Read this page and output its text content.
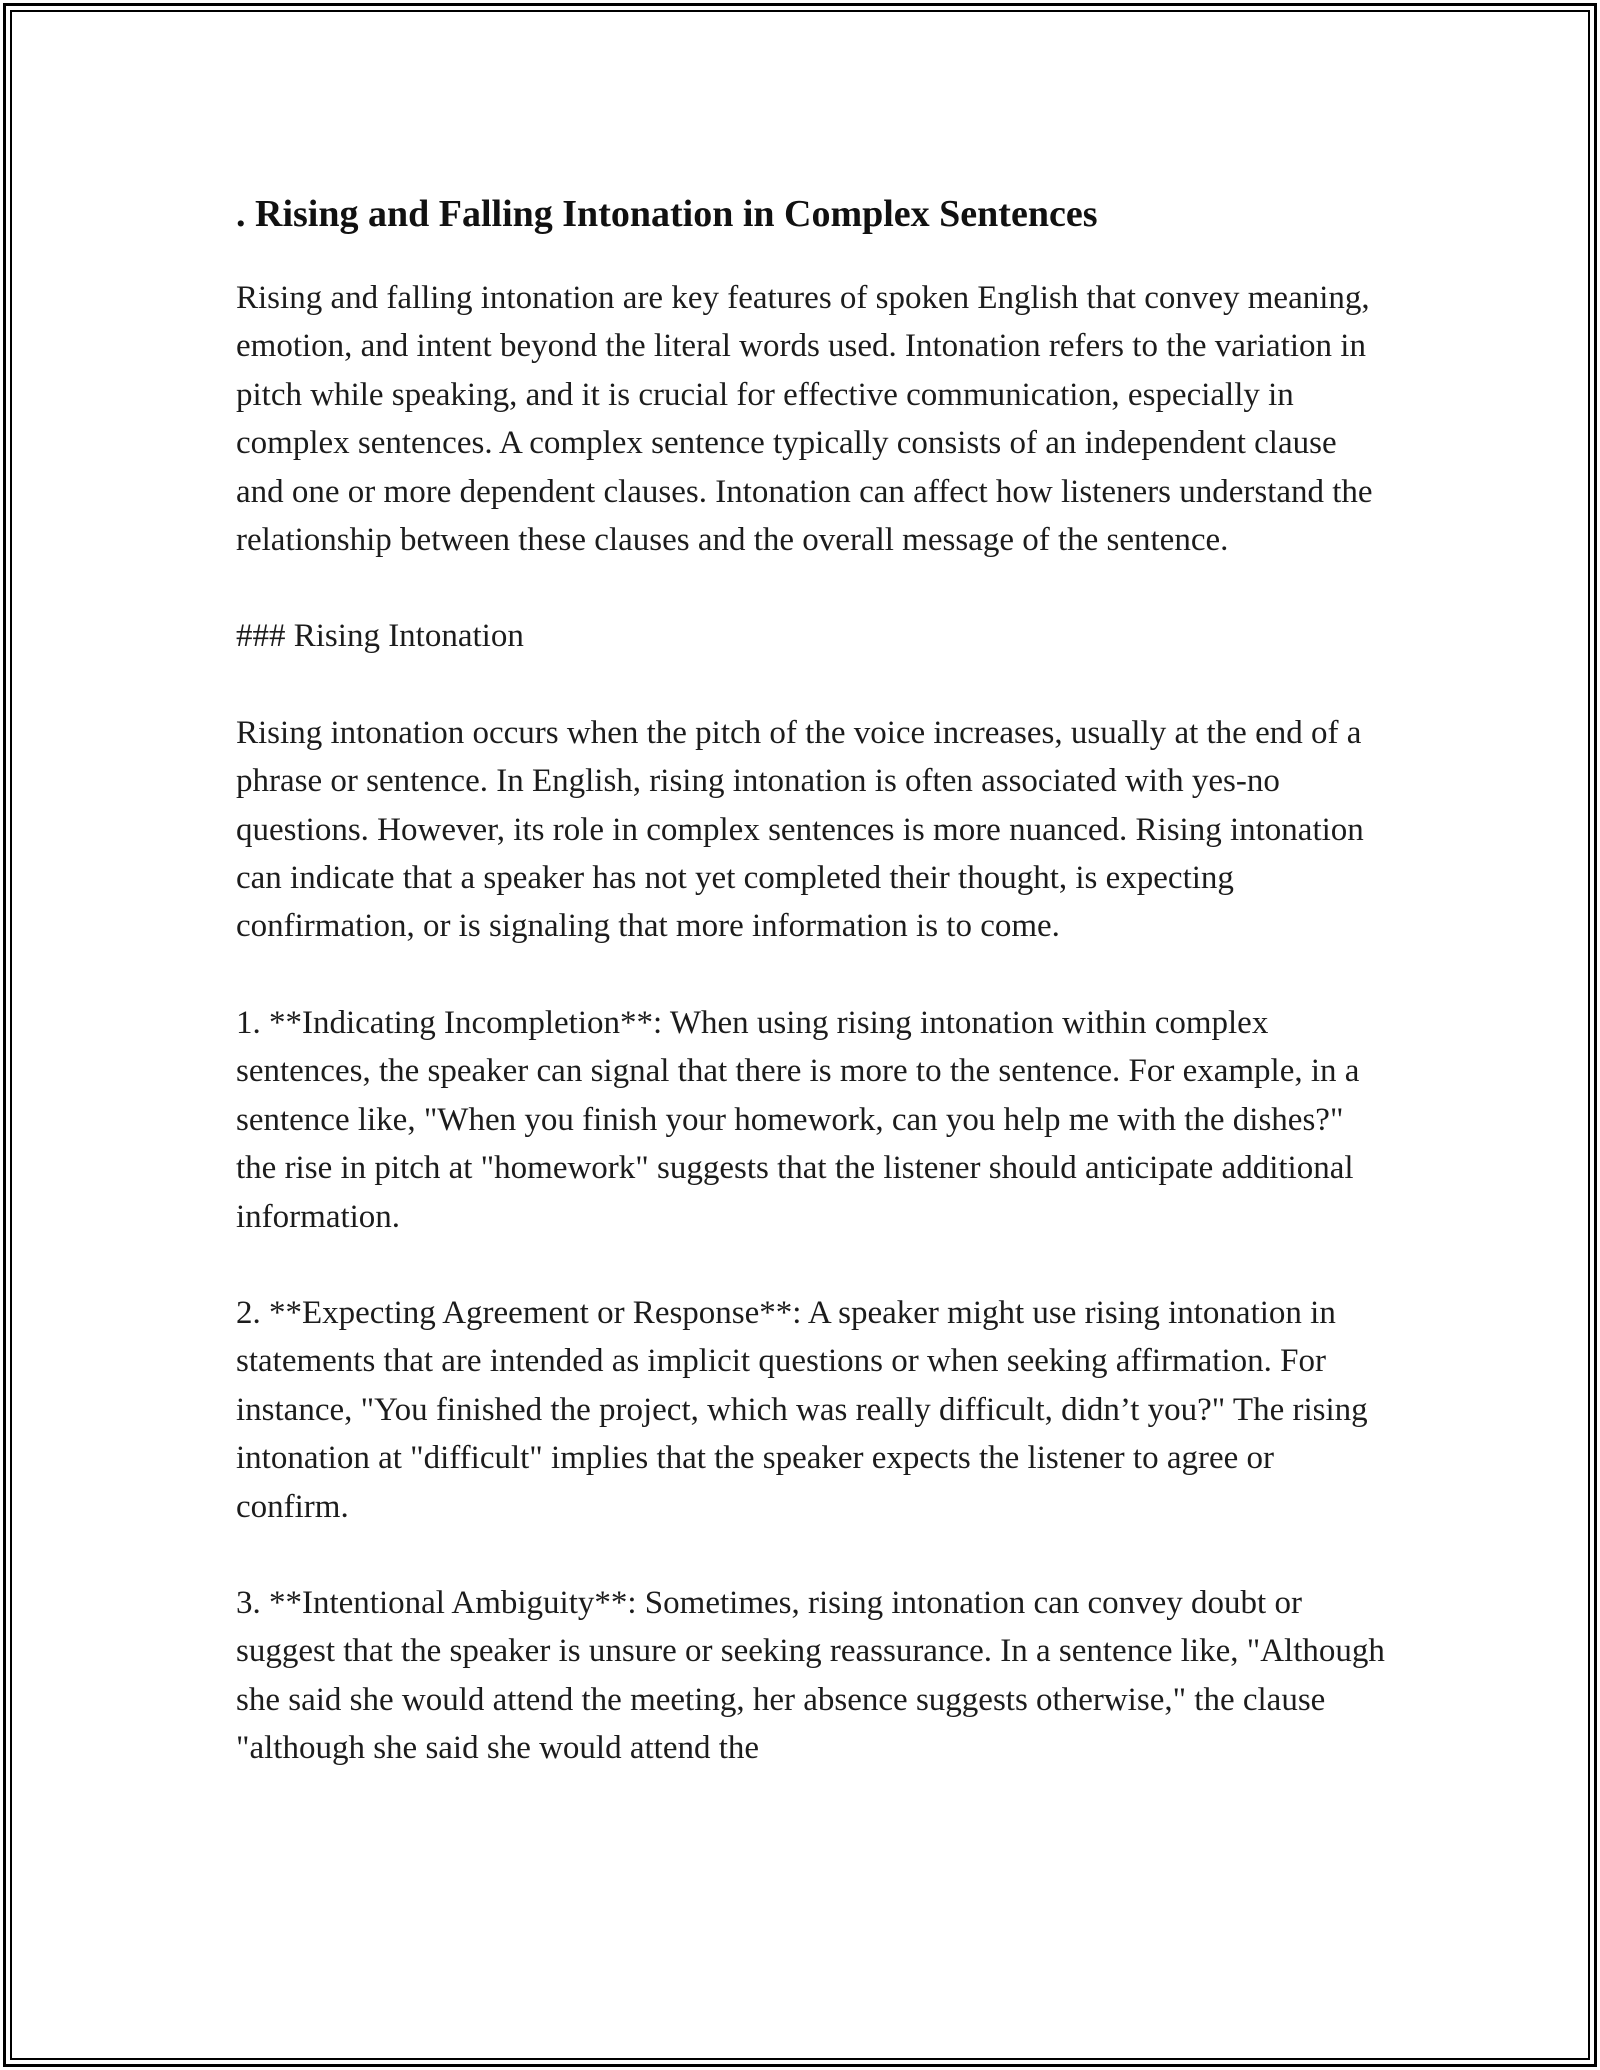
. Rising and Falling Intonation in Complex Sentences

Rising and falling intonation are key features of spoken English that convey meaning, emotion, and intent beyond the literal words used. Intonation refers to the variation in pitch while speaking, and it is crucial for effective communication, especially in complex sentences. A complex sentence typically consists of an independent clause and one or more dependent clauses. Intonation can affect how listeners understand the relationship between these clauses and the overall message of the sentence.

### Rising Intonation

Rising intonation occurs when the pitch of the voice increases, usually at the end of a phrase or sentence. In English, rising intonation is often associated with yes-no questions. However, its role in complex sentences is more nuanced. Rising intonation can indicate that a speaker has not yet completed their thought, is expecting confirmation, or is signaling that more information is to come.

1. **Indicating Incompletion**: When using rising intonation within complex sentences, the speaker can signal that there is more to the sentence. For example, in a sentence like, "When you finish your homework, can you help me with the dishes?" the rise in pitch at "homework" suggests that the listener should anticipate additional information.

2. **Expecting Agreement or Response**: A speaker might use rising intonation in statements that are intended as implicit questions or when seeking affirmation. For instance, "You finished the project, which was really difficult, didn’t you?" The rising intonation at "difficult" implies that the speaker expects the listener to agree or confirm.

3. **Intentional Ambiguity**: Sometimes, rising intonation can convey doubt or suggest that the speaker is unsure or seeking reassurance. In a sentence like, "Although she said she would attend the meeting, her absence suggests otherwise," the clause "although she said she would attend the
